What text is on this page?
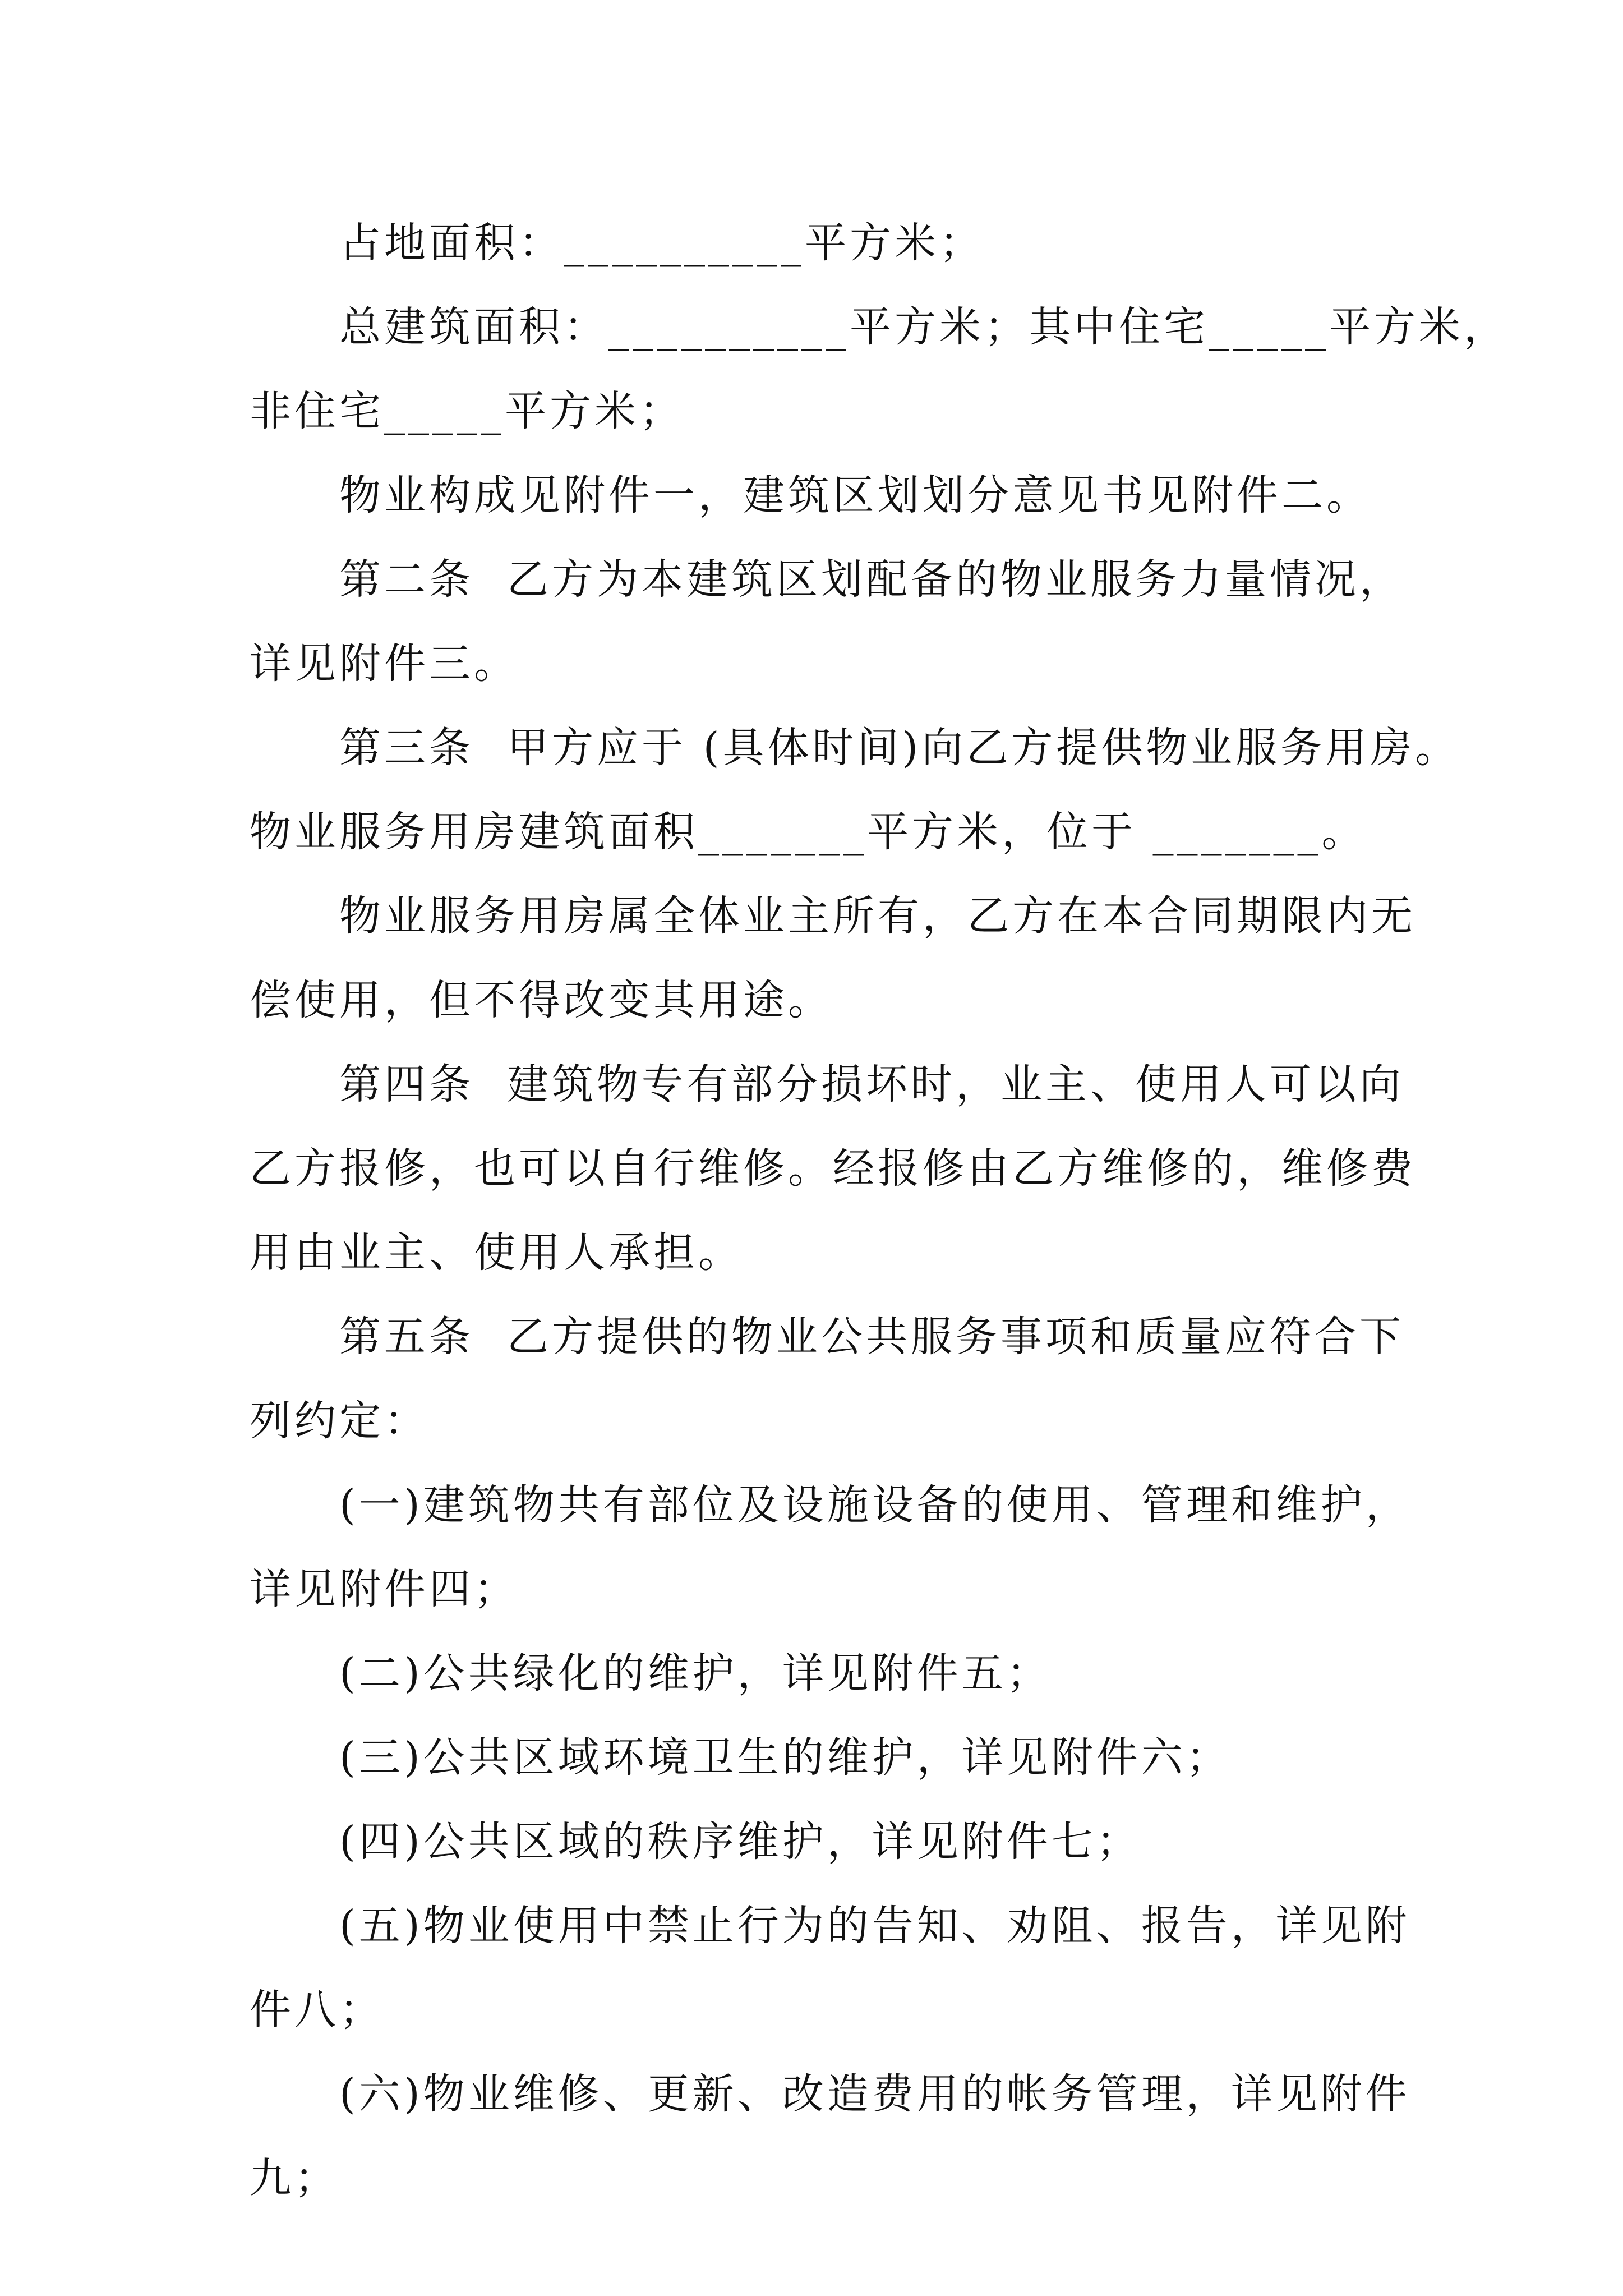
占地面积：__________平方米；
总建筑面积：__________平方米；其中住宅_____平方米，
非住宅_____平方米；
物业构成见附件一，建筑区划划分意见书见附件二。
第二条  乙方为本建筑区划配备的物业服务力量情况，
详见附件三。
第三条  甲方应于 (具体时间)向乙方提供物业服务用房。
物业服务用房建筑面积_______平方米，位于 _______。
物业服务用房属全体业主所有，乙方在本合同期限内无
偿使用，但不得改变其用途。
第四条  建筑物专有部分损坏时，业主、使用人可以向
乙方报修，也可以自行维修。经报修由乙方维修的，维修费
用由业主、使用人承担。
第五条  乙方提供的物业公共服务事项和质量应符合下
列约定：
(一)建筑物共有部位及设施设备的使用、管理和维护，
详见附件四；
(二)公共绿化的维护，详见附件五；
(三)公共区域环境卫生的维护，详见附件六；
(四)公共区域的秩序维护，详见附件七；
(五)物业使用中禁止行为的告知、劝阻、报告，详见附
件八；
(六)物业维修、更新、改造费用的帐务管理，详见附件
九；
